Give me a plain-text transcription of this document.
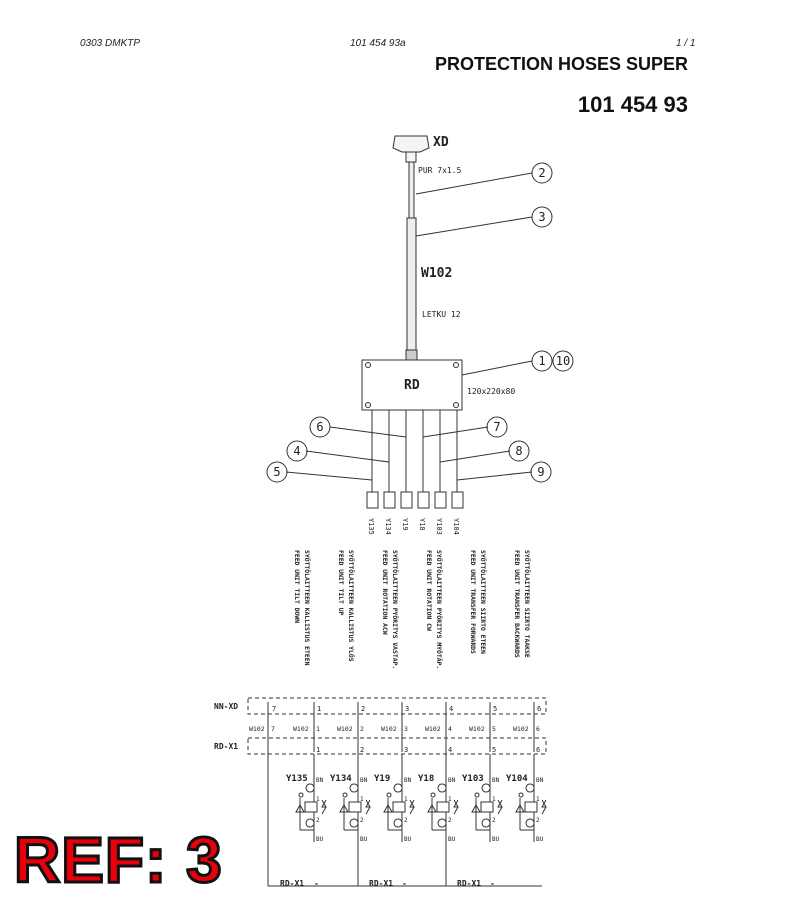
0303 DMKTP	101 454 93a	1 / 1
PROTECTION HOSES SUPER
101 454 93
Y135 BN
1
2
BU
Y134 BN
1
2
BU
Y19 BN
1
2
BU
Y18 BN
1
2
BU
Y103 BN
1
2
BU
Y104 BN
1
2
BU
XD
PUR 7x1.5
W102
LETKU 12
RD	120x220x80
2
3
1 10
6	7
4	8
5	9
Y135 Y134 Y19 Y18 Y103 Y104
SYÖTTÖLAITTEEN KALLISTUS ETEEN
FEED UNIT TILT DOWN	SYÖTTÖLAITTEEN KALLISTUS YLÖS
FEED UNIT TILT UP	SYÖTTÖLAITTEEN PYÖRITYS VASTAP.
FEED UNIT ROTATION ACW	SYÖTTÖLAITTEEN PYÖRITYS MYÖTÄP.
FEED UNIT ROTATION CW	SYÖTTÖLAITTEEN SIIRTO ETEEN
FEED UNIT TRANSFER FORWARDS	SYÖTTÖLAITTEEN SIIRTO TAAKSE
FEED UNIT TRANSFER BACKWARDS
NN-XD
RD-X1
7	1	2	3	4	5	6
W102 7	W102 1	W102 2	W102 3	W102 4	W102 5	W102 6
1	2	3	4	5	6
RD-X1 -	RD-X1 -	RD-X1 -
REF: 3
